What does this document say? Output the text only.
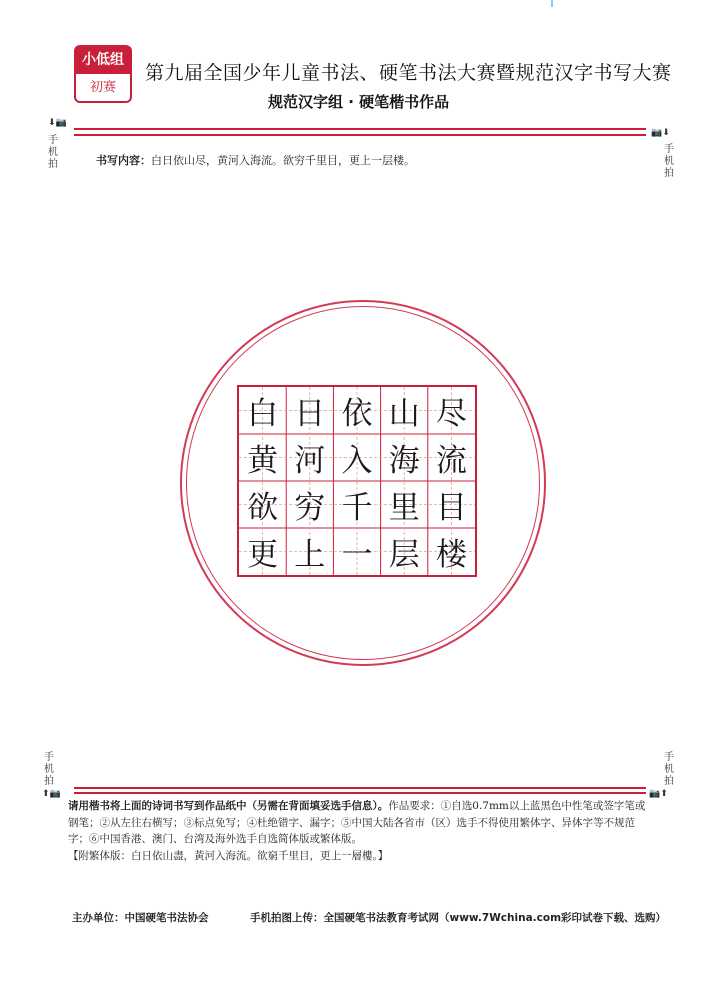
小低组
初赛
第九届全国少年儿童书法、硬笔书法大赛暨规范汉字书写大赛
规范汉字组 · 硬笔楷书作品
⬇📷
手机拍
📷⬇
手机拍
书写内容：白日依山尽，黄河入海流。欲穷千里目，更上一层楼。
白 日 依 山 尽
黄 河 入 海 流
欲 穷 千 里 目
更 上 一 层 楼
手机拍
⬆📷
手机拍
📷⬆
请用楷书将上面的诗词书写到作品纸中（另需在背面填妥选手信息）。作品要求：①自选0.7mm以上蓝黑色中性笔或签字笔或钢笔；②从左往右横写；③标点免写；④杜绝错字、漏字；⑤中国大陆各省市（区）选手不得使用繁体字、异体字等不规范字；⑥中国香港、澳门、台湾及海外选手自选简体版或繁体版。
【附繁体版：白日依山盡，黃河入海流。欲窮千里目，更上一層樓。】
主办单位：中国硬笔书法协会	手机拍图上传：全国硬笔书法教育考试网（www.7Wchina.com彩印试卷下载、选购）
